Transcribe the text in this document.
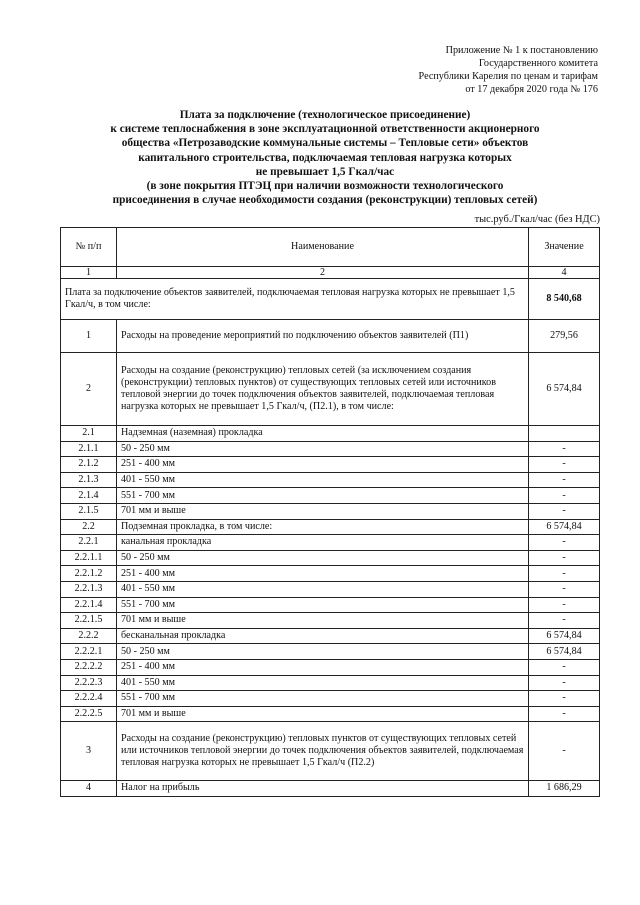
Приложение № 1 к постановлению
Государственного комитета
Республики Карелия по ценам и тарифам
от 17 декабря 2020 года № 176
Плата за подключение (технологическое присоединение)
к системе теплоснабжения в зоне эксплуатационной ответственности акционерного
общества «Петрозаводские коммунальные системы – Тепловые сети» объектов
капитального строительства, подключаемая тепловая нагрузка которых
не превышает 1,5 Гкал/час
(в зоне покрытия ПТЭЦ при наличии возможности технологического
присоединения в случае необходимости создания (реконструкции) тепловых сетей)
тыс.руб./Гкал/час (без НДС)
№ п/п	Наименование	Значение
1	2	4
Плата за подключение объектов заявителей, подключаемая тепловая нагрузка которых не превышает 1,5 Гкал/ч, в том числе:		8 540,68
1	Расходы на проведение мероприятий по подключению объектов заявителей (П1)	279,56
2	Расходы на создание (реконструкцию) тепловых сетей (за исключением создания (реконструкции) тепловых пунктов) от существующих тепловых сетей или источников тепловой энергии до точек подключения объектов заявителей, подключаемая тепловая нагрузка которых не превышает 1,5 Гкал/ч, (П2.1), в том числе:	6 574,84
2.1	Надземная (наземная) прокладка	
2.1.1	50 - 250 мм	-
2.1.2	251 - 400 мм	-
2.1.3	401 - 550 мм	-
2.1.4	551 - 700 мм	-
2.1.5	701 мм и выше	-
2.2	Подземная прокладка, в том числе:	6 574,84
2.2.1	канальная прокладка	-
2.2.1.1	50 - 250 мм	-
2.2.1.2	251 - 400 мм	-
2.2.1.3	401 - 550 мм	-
2.2.1.4	551 - 700 мм	-
2.2.1.5	701 мм и выше	-
2.2.2	бесканальная прокладка	6 574,84
2.2.2.1	50 - 250 мм	6 574,84
2.2.2.2	251 - 400 мм	-
2.2.2.3	401 - 550 мм	-
2.2.2.4	551 - 700 мм	-
2.2.2.5	701 мм и выше	-
3	Расходы на создание (реконструкцию) тепловых пунктов от существующих тепловых сетей или источников тепловой энергии до точек подключения объектов заявителей, подключаемая тепловая нагрузка которых не превышает 1,5 Гкал/ч (П2.2)	-
4	Налог на прибыль	1 686,29
